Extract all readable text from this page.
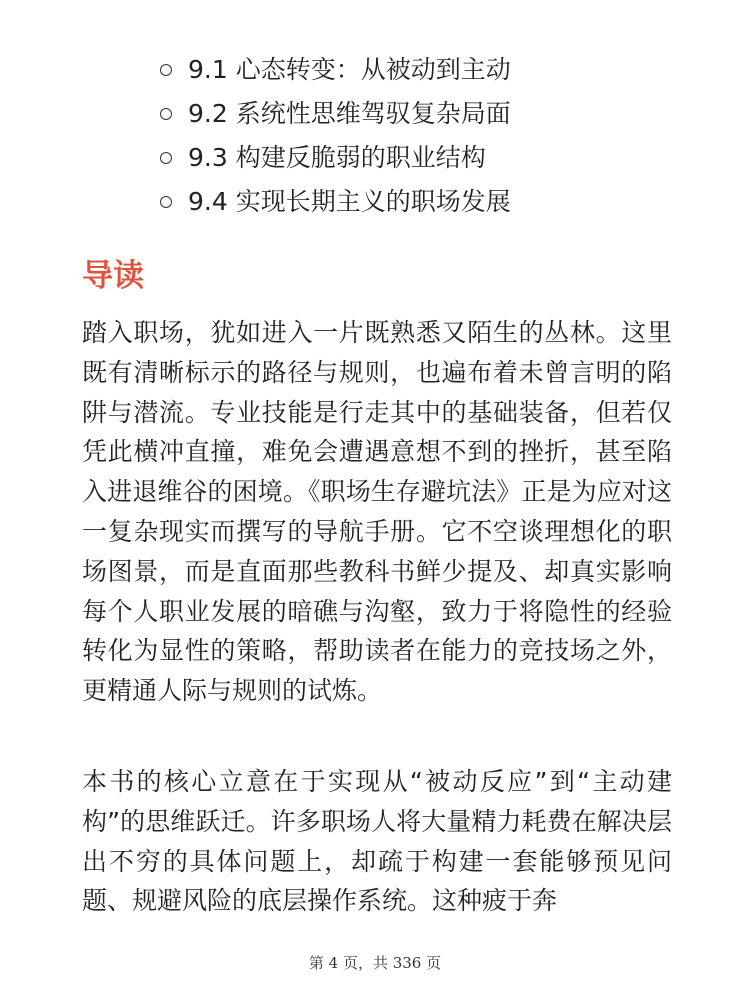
9.1 心态转变：从被动到主动
9.2 系统性思维驾驭复杂局面
9.3 构建反脆弱的职业结构
9.4 实现长期主义的职场发展
导读

踏入职场，犹如进入一片既熟悉又陌生的丛林。这里既有清晰标示的路径与规则，也遍布着未曾言明的陷阱与潜流。专业技能是行走其中的基础装备，但若仅凭此横冲直撞，难免会遭遇意想不到的挫折，甚至陷入进退维谷的困境。《职场生存避坑法》正是为应对这一复杂现实而撰写的导航手册。它不空谈理想化的职场图景，而是直面那些教科书鲜少提及、却真实影响每个人职业发展的暗礁与沟壑，致力于将隐性的经验转化为显性的策略，帮助读者在能力的竞技场之外，更精通人际与规则的试炼。

本书的核心立意在于实现从“被动反应”到“主动建构”的思维跃迁。许多职场人将大量精力耗费在解决层出不穷的具体问题上，却疏于构建一套能够预见问题、规避风险的底层操作系统。这种疲于奔

第 4 页，共 336 页
